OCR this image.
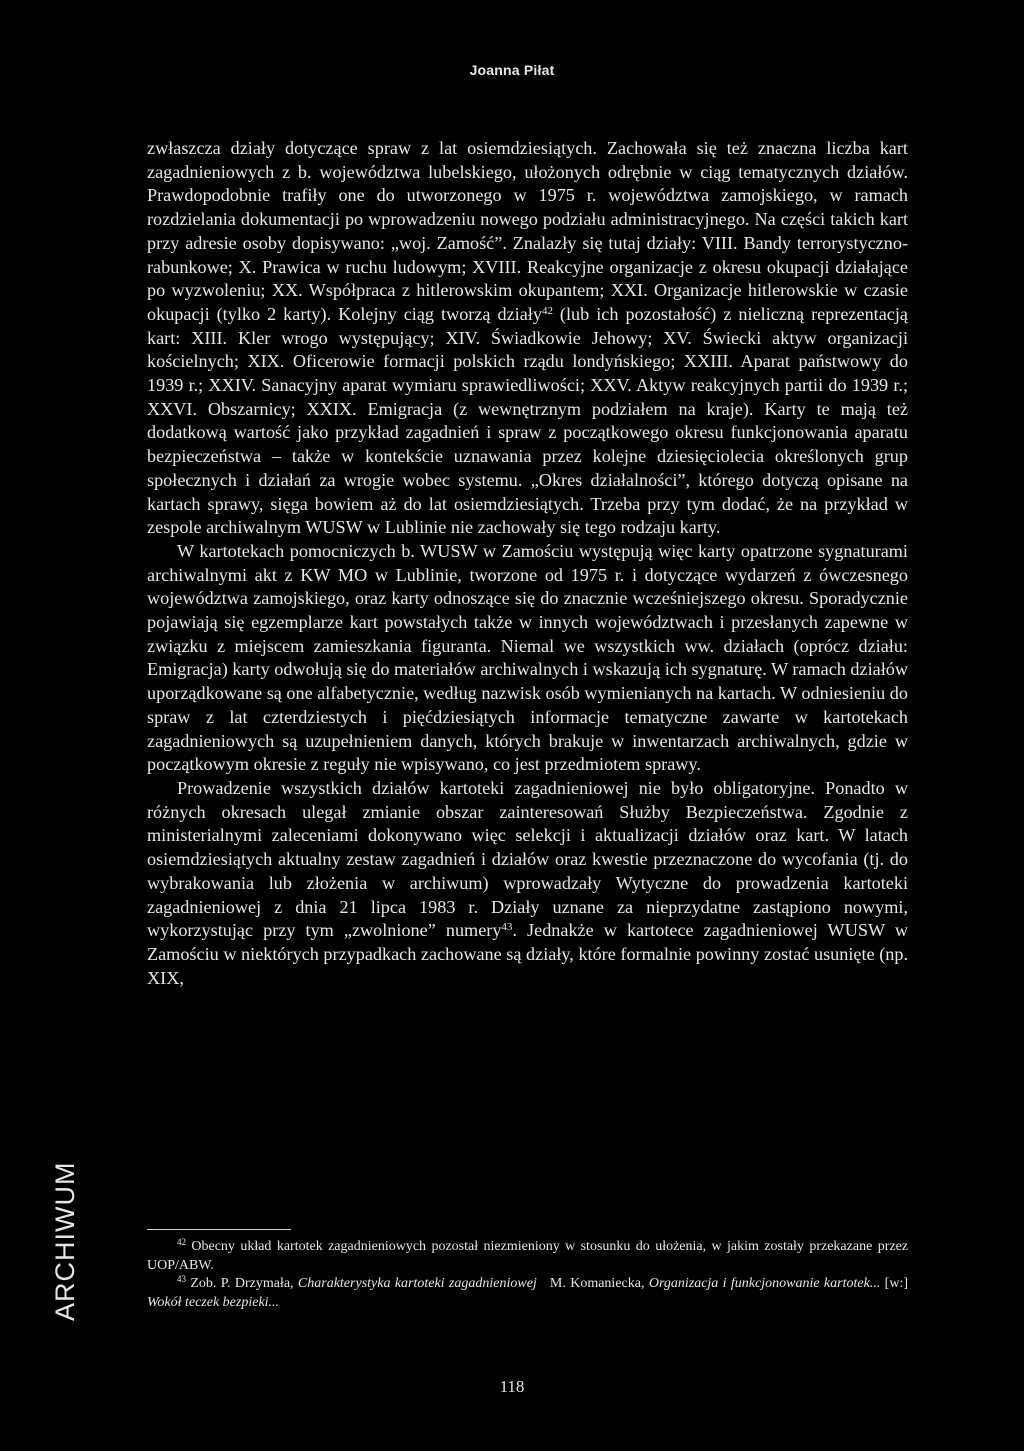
Joanna Piłat

zwłaszcza działy dotyczące spraw z lat osiemdziesiątych. Zachowała się też znaczna liczba kart zagadnieniowych z b. województwa lubelskiego, ułożonych odrębnie w ciąg tematycznych działów. Prawdopodobnie trafiły one do utworzonego w 1975 r. województwa zamojskiego, w ramach rozdzielania dokumentacji po wprowadzeniu nowego podziału administracyjnego. Na części takich kart przy adresie osoby dopisywano: „woj. Zamość”. Znalazły się tutaj działy: VIII. Bandy terrorystyczno-rabunkowe; X. Prawica w ruchu ludowym; XVIII. Reakcyjne organizacje z okresu okupacji działające po wyzwoleniu; XX. Współpraca z hitlerowskim okupantem; XXI. Organizacje hitlerowskie w czasie okupacji (tylko 2 karty). Kolejny ciąg tworzą działy$^{42}$ (lub ich pozostałość) z nieliczną reprezentacją kart: XIII. Kler wrogo występujący; XIV. Świadkowie Jehowy; XV. Świecki aktyw organizacji kościelnych; XIX. Oficerowie formacji polskich rządu londyńskiego; XXIII. Aparat państwowy do 1939 r.; XXIV. Sanacyjny aparat wymiaru sprawiedliwości; XXV. Aktyw reakcyjnych partii do 1939 r.; XXVI. Obszarnicy; XXIX. Emigracja (z wewnętrznym podziałem na kraje). Karty te mają też dodatkową wartość jako przykład zagadnień i spraw z początkowego okresu funkcjonowania aparatu bezpieczeństwa – także w kontekście uznawania przez kolejne dziesięciolecia określonych grup społecznych i działań za wrogie wobec systemu. „Okres działalności”, którego dotyczą opisane na kartach sprawy, sięga bowiem aż do lat osiemdziesiątych. Trzeba przy tym dodać, że na przykład w zespole archiwalnym WUSW w Lublinie nie zachowały się tego rodzaju karty.

W kartotekach pomocniczych b. WUSW w Zamościu występują więc karty opatrzone sygnaturami archiwalnymi akt z KW MO w Lublinie, tworzone od 1975 r. i dotyczące wydarzeń z ówczesnego województwa zamojskiego, oraz karty odnoszące się do znacznie wcześniejszego okresu. Sporadycznie pojawiają się egzemplarze kart powstałych także w innych województwach i przesłanych zapewne w związku z miejscem zamieszkania figuranta. Niemal we wszystkich ww. działach (oprócz działu: Emigracja) karty odwołują się do materiałów archiwalnych i wskazują ich sygnaturę. W ramach działów uporządkowane są one alfabetycznie, według nazwisk osób wymienianych na kartach. W odniesieniu do spraw z lat czterdziestych i pięćdziesiątych informacje tematyczne zawarte w kartotekach zagadnieniowych są uzupełnieniem danych, których brakuje w inwentarzach archiwalnych, gdzie w początkowym okresie z reguły nie wpisywano, co jest przedmiotem sprawy.

Prowadzenie wszystkich działów kartoteki zagadnieniowej nie było obligatoryjne. Ponadto w różnych okresach ulegał zmianie obszar zainteresowań Służby Bezpieczeństwa. Zgodnie z ministerialnymi zaleceniami dokonywano więc selekcji i aktualizacji działów oraz kart. W latach osiemdziesiątych aktualny zestaw zagadnień i działów oraz kwestie przeznaczone do wycofania (tj. do wybrakowania lub złożenia w archiwum) wprowadzały Wytyczne do prowadzenia kartoteki zagadnieniowej z dnia 21 lipca 1983 r. Działy uznane za nieprzydatne zastąpiono nowymi, wykorzystując przy tym „zwolnione” numery$^{43}$. Jednakże w kartotece zagadnieniowej WUSW w Zamościu w niektórych przypadkach zachowane są działy, które formalnie powinny zostać usunięte (np. XIX,

$^{42}$ Obecny układ kartotek zagadnieniowych pozostał niezmieniony w stosunku do ułożenia, w jakim zostały przekazane przez UOP/ABW.

$^{43}$ Zob. P. Drzymała, Charakterystyka kartoteki zagadnieniowej   M. Komaniecka, Organizacja i funkcjonowanie kartotek... [w:] Wokół teczek bezpieki...

118
ARCHIWUM
